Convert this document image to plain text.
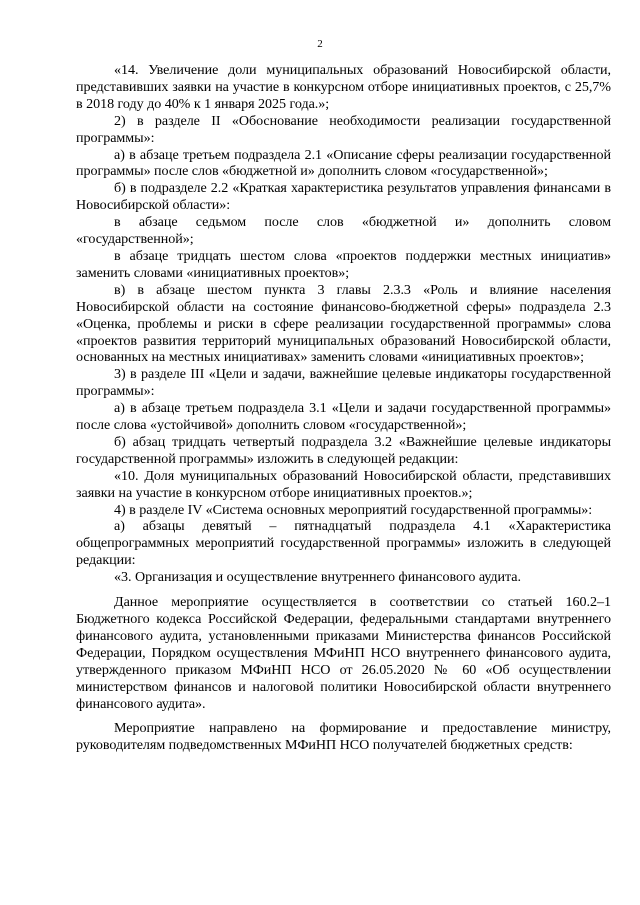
2

«14. Увеличение доли муниципальных образований Новосибирской области, представивших заявки на участие в конкурсном отборе инициативных проектов, с 25,7% в 2018 году до 40% к 1 января 2025 года.»;

2) в разделе II «Обоснование необходимости реализации государственной программы»:

а) в абзаце третьем подраздела 2.1 «Описание сферы реализации государственной программы» после слов «бюджетной и» дополнить словом «государственной»;

б) в подразделе 2.2 «Краткая характеристика результатов управления финансами в Новосибирской области»:

в абзаце седьмом после слов «бюджетной и» дополнить словом «государственной»;

в абзаце тридцать шестом слова «проектов поддержки местных инициатив» заменить словами «инициативных проектов»;

в) в абзаце шестом пункта 3 главы 2.3.3 «Роль и влияние населения Новосибирской области на состояние финансово-бюджетной сферы» подраздела 2.3 «Оценка, проблемы и риски в сфере реализации государственной программы» слова «проектов развития территорий муниципальных образований Новосибирской области, основанных на местных инициативах» заменить словами «инициативных проектов»;

3) в разделе III «Цели и задачи, важнейшие целевые индикаторы государственной программы»:

а) в абзаце третьем подраздела 3.1 «Цели и задачи государственной программы» после слова «устойчивой» дополнить словом «государственной»;

б) абзац тридцать четвертый подраздела 3.2 «Важнейшие целевые индикаторы государственной программы» изложить в следующей редакции:

«10. Доля муниципальных образований Новосибирской области, представивших заявки на участие в конкурсном отборе инициативных проектов.»;

4) в разделе IV «Система основных мероприятий государственной программы»:

а) абзацы девятый – пятнадцатый подраздела 4.1 «Характеристика общепрограммных мероприятий государственной программы» изложить в следующей редакции:

«3. Организация и осуществление внутреннего финансового аудита.

Данное мероприятие осуществляется в соответствии со статьей 160.2–1 Бюджетного кодекса Российской Федерации, федеральными стандартами внутреннего финансового аудита, установленными приказами Министерства финансов Российской Федерации, Порядком осуществления МФиНП НСО внутреннего финансового аудита, утвержденного приказом МФиНП НСО от 26.05.2020 № 60 «Об осуществлении министерством финансов и налоговой политики Новосибирской области внутреннего финансового аудита».

Мероприятие направлено на формирование и предоставление министру, руководителям подведомственных МФиНП НСО получателей бюджетных средств:
